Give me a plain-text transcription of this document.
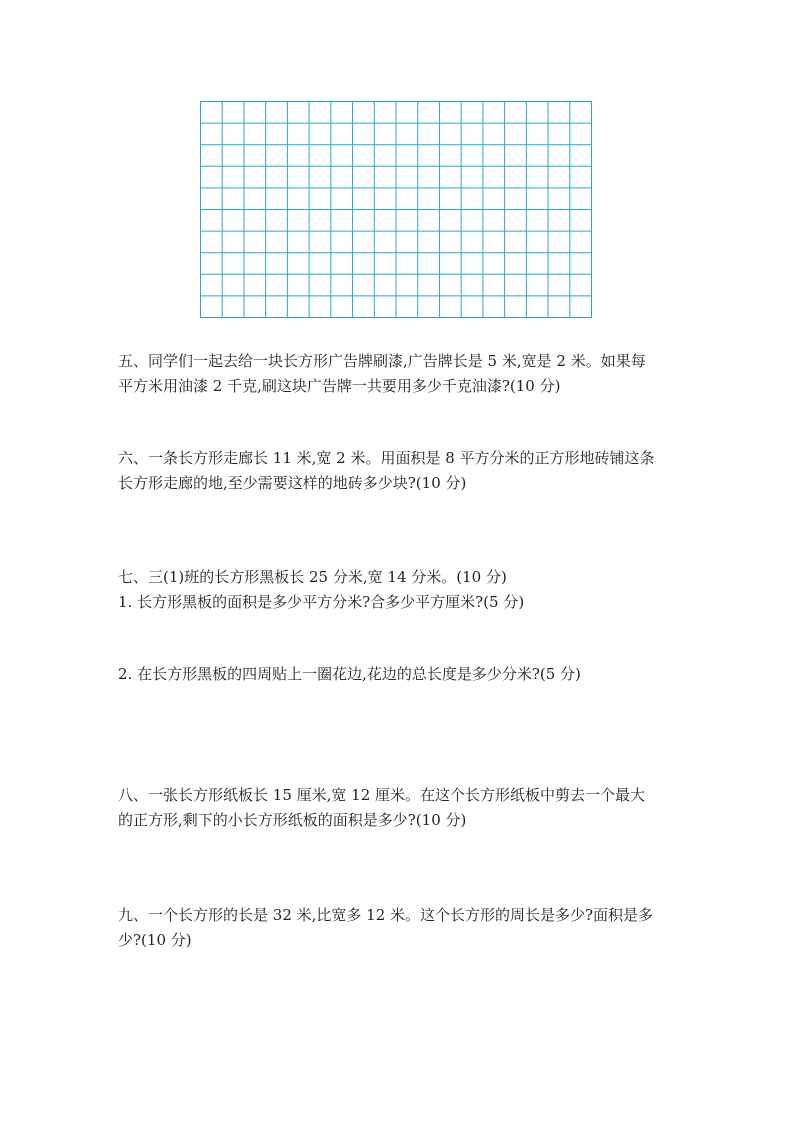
五、同学们一起去给一块长方形广告牌刷漆,广告牌长是 5 米,宽是 2 米。如果每
平方米用油漆 2 千克,刷这块广告牌一共要用多少千克油漆?(10 分)
六、一条长方形走廊长 11 米,宽 2 米。用面积是 8 平方分米的正方形地砖铺这条
长方形走廊的地,至少需要这样的地砖多少块?(10 分)
七、三(1)班的长方形黑板长 25 分米,宽 14 分米。(10 分)
1. 长方形黑板的面积是多少平方分米?合多少平方厘米?(5 分)
2. 在长方形黑板的四周贴上一圈花边,花边的总长度是多少分米?(5 分)
八、一张长方形纸板长 15 厘米,宽 12 厘米。在这个长方形纸板中剪去一个最大
的正方形,剩下的小长方形纸板的面积是多少?(10 分)
九、一个长方形的长是 32 米,比宽多 12 米。这个长方形的周长是多少?面积是多
少?(10 分)
